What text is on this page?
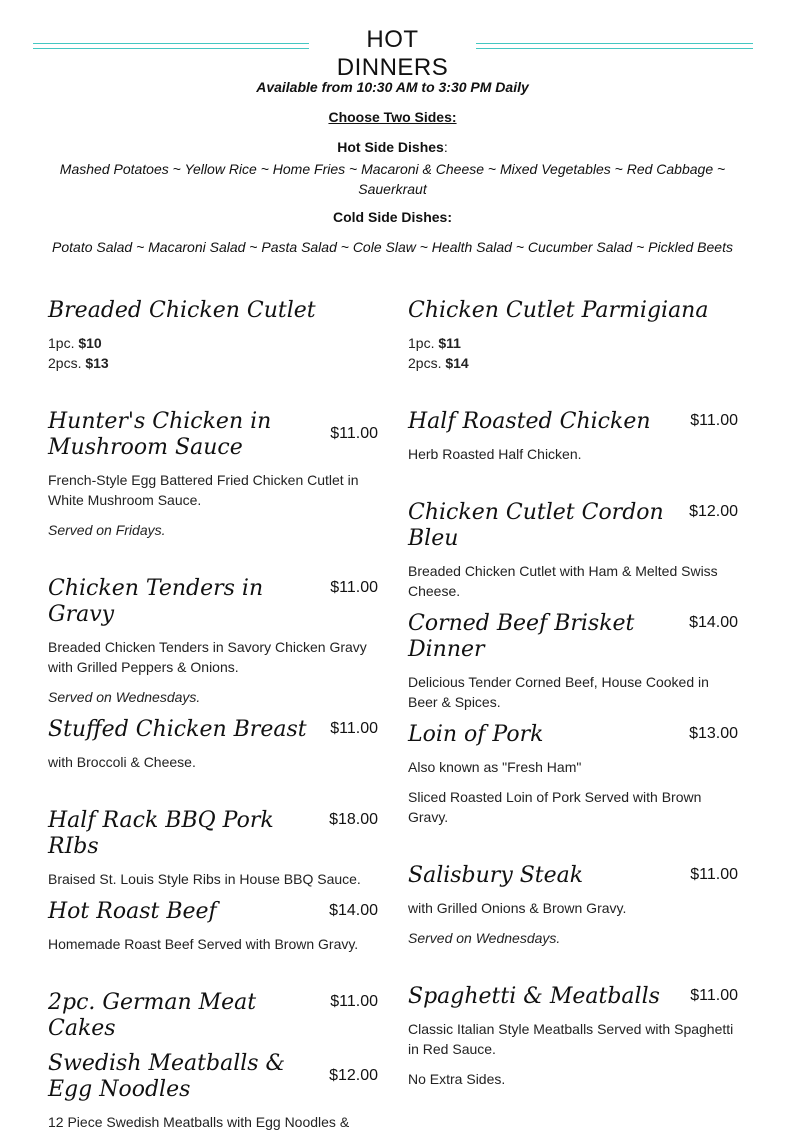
HOT DINNERS
Available from 10:30 AM to 3:30 PM Daily
Choose Two Sides:
Hot Side Dishes:
Mashed Potatoes ~ Yellow Rice ~ Home Fries ~ Macaroni & Cheese ~ Mixed Vegetables ~ Red Cabbage ~ Sauerkraut
Cold Side Dishes:
Potato Salad ~ Macaroni Salad ~ Pasta Salad ~ Cole Slaw ~ Health Salad ~ Cucumber Salad ~ Pickled Beets
Breaded Chicken Cutlet
1pc. $10
2pcs. $13
$11.00
Hunter's Chicken in Mushroom Sauce
French-Style Egg Battered Fried Chicken Cutlet in White Mushroom Sauce.
Served on Fridays.
$11.00
Chicken Tenders in Gravy
Breaded Chicken Tenders in Savory Chicken Gravy with Grilled Peppers & Onions.
Served on Wednesdays.
$11.00
Stuffed Chicken Breast
with Broccoli & Cheese.
$18.00
Half Rack BBQ Pork RIbs
Braised St. Louis Style Ribs in House BBQ Sauce.
$14.00
Hot Roast Beef
Homemade Roast Beef Served with Brown Gravy.
$11.00
2pc. German Meat Cakes
$12.00
Swedish Meatballs & Egg Noodles
12 Piece Swedish Meatballs with Egg Noodles &
Chicken Cutlet Parmigiana
1pc. $11
2pcs. $14
$11.00
Half Roasted Chicken
Herb Roasted Half Chicken.
$12.00
Chicken Cutlet Cordon Bleu
Breaded Chicken Cutlet with Ham & Melted Swiss Cheese.
$14.00
Corned Beef Brisket Dinner
Delicious Tender Corned Beef, House Cooked in Beer & Spices.
$13.00
Loin of Pork
Also known as "Fresh Ham"
Sliced Roasted Loin of Pork Served with Brown Gravy.
$11.00
Salisbury Steak
with Grilled Onions & Brown Gravy.
Served on Wednesdays.
$11.00
Spaghetti & Meatballs
Classic Italian Style Meatballs Served with Spaghetti in Red Sauce.
No Extra Sides.
